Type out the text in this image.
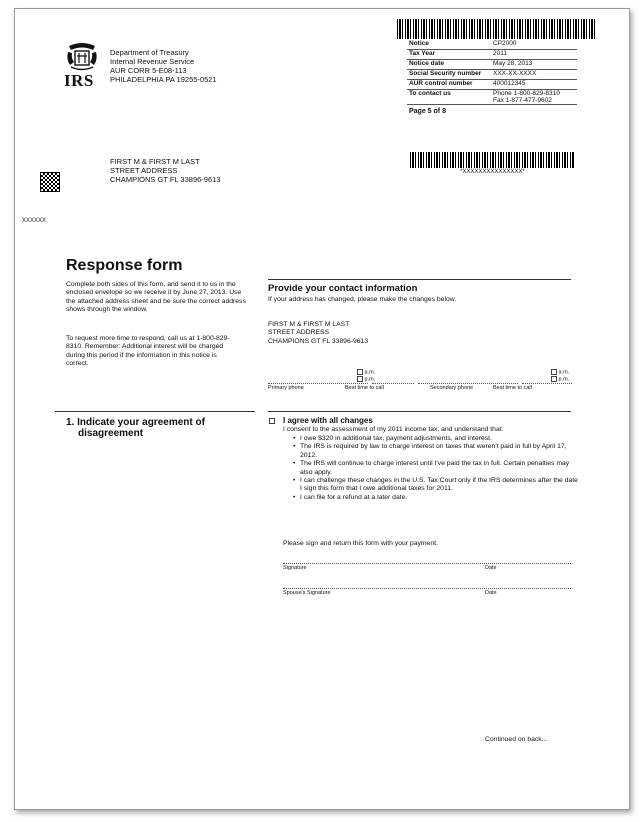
IRS
Department of Treasury
Internal Revenue Service
AUR CORR 5-E08-113
PHILADELPHIA PA 19255-0521
Notice	CP2000
Tax Year	2011
Notice date	May 28, 2013
Social Security number	XXX-XX-XXXX
AUR control number	400012345
To contact us	Phone 1-800-829-8310
Fax 1-877-477-9602
Page 5 of 8
*XXXXXXXXXXXXXXX*
FIRST M & FIRST M LAST
STREET ADDRESS
CHAMPIONS GT FL 33896-9613
XXXXXX
Response form
Complete both sides of this form, and send it to us in the enclosed envelope so we receive it by June 27, 2013. Use the attached address sheet and be sure the correct address shows through the window.
To request more time to respond, call us at 1-800-829-8310. Remember: Additional interest will be charged during this period if the information in this notice is correct.
Provide your contact information
If your address has changed, please make the changes below.
FIRST M & FIRST M LAST
STREET ADDRESS
CHAMPIONS GT FL 33896-9613
a.m.
p.m.
a.m.
p.m.
Primary phone	Best time to call	Secondary phone	Best time to call
1. Indicate your agreement of
disagreement
I agree with all changes
I consent to the assessment of my 2011 income tax, and understand that:
• I owe $320 in additional tax, payment adjustments, and interest.
• The IRS is required by law to charge interest on taxes that weren't paid in full by April 17, 2012.
• The IRS will continue to charge interest until I've paid the tax in full. Certain penalties may also apply.
• I can challenge these changes in the U.S. Tax Court only if the IRS determines after the date I sign this form that I owe additional taxes for 2011.
• I can file for a refund at a later date.
Please sign and return this form with your payment.
Signature	Date
Spouse's Signature	Date
Continued on back...
